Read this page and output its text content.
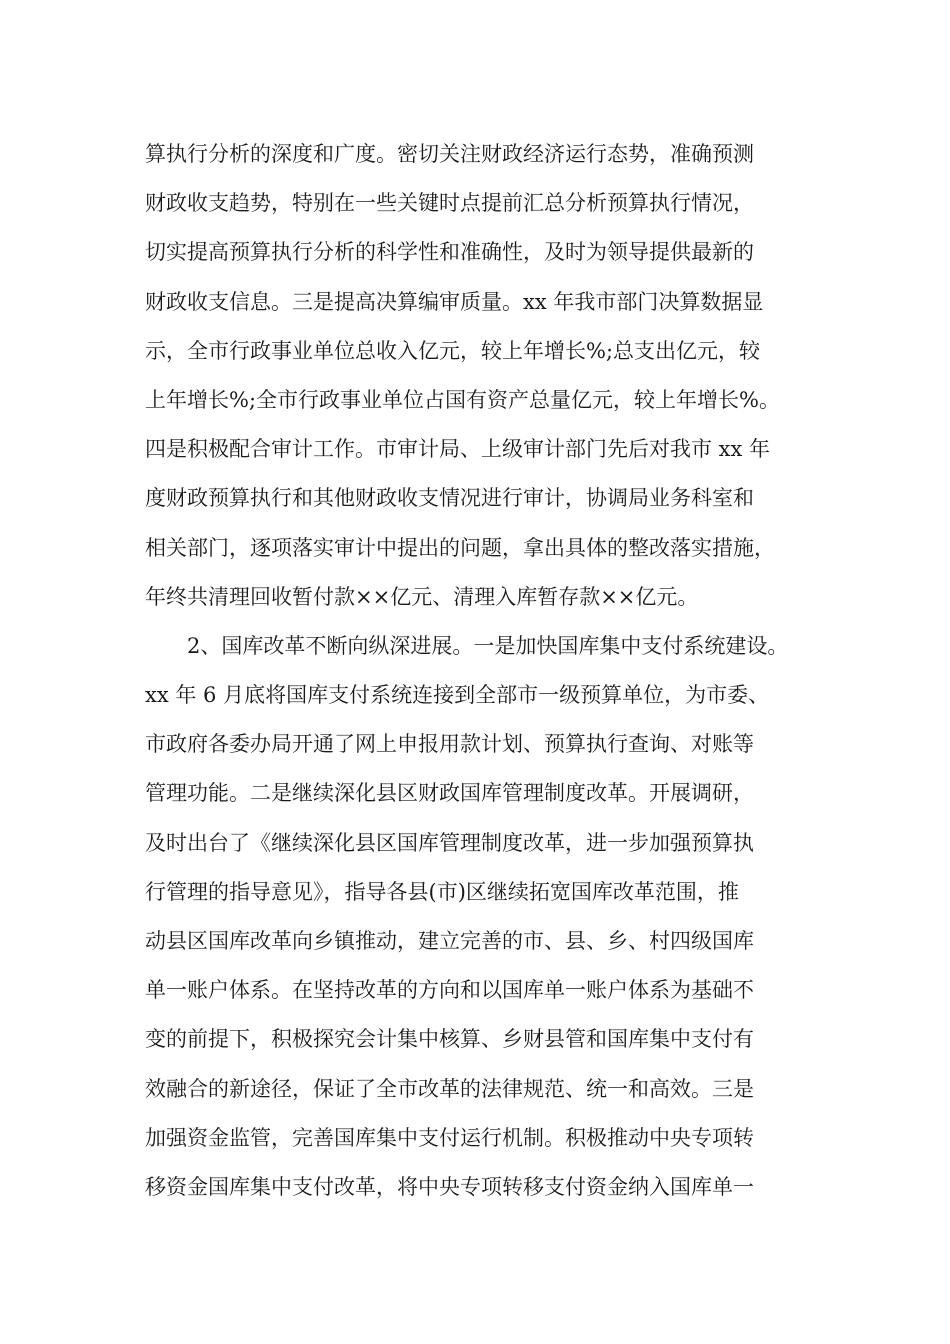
算执行分析的深度和广度。密切关注财政经济运行态势，准确预测
财政收支趋势，特别在一些关键时点提前汇总分析预算执行情况，
切实提高预算执行分析的科学性和准确性，及时为领导提供最新的
财政收支信息。三是提高决算编审质量。xx 年我市部门决算数据显
示，全市行政事业单位总收入亿元，较上年增长%;总支出亿元，较
上年增长%;全市行政事业单位占国有资产总量亿元，较上年增长%。
四是积极配合审计工作。市审计局、上级审计部门先后对我市 xx 年
度财政预算执行和其他财政收支情况进行审计，协调局业务科室和
相关部门，逐项落实审计中提出的问题，拿出具体的整改落实措施，
年终共清理回收暂付款××亿元、清理入库暂存款××亿元。
2、国库改革不断向纵深进展。一是加快国库集中支付系统建设。
xx 年 6 月底将国库支付系统连接到全部市一级预算单位，为市委、
市政府各委办局开通了网上申报用款计划、预算执行查询、对账等
管理功能。二是继续深化县区财政国库管理制度改革。开展调研，
及时出台了《继续深化县区国库管理制度改革，进一步加强预算执
行管理的指导意见》，指导各县(市)区继续拓宽国库改革范围，推
动县区国库改革向乡镇推动，建立完善的市、县、乡、村四级国库
单一账户体系。在坚持改革的方向和以国库单一账户体系为基础不
变的前提下，积极探究会计集中核算、乡财县管和国库集中支付有
效融合的新途径，保证了全市改革的法律规范、统一和高效。三是
加强资金监管，完善国库集中支付运行机制。积极推动中央专项转
移资金国库集中支付改革，将中央专项转移支付资金纳入国库单一
